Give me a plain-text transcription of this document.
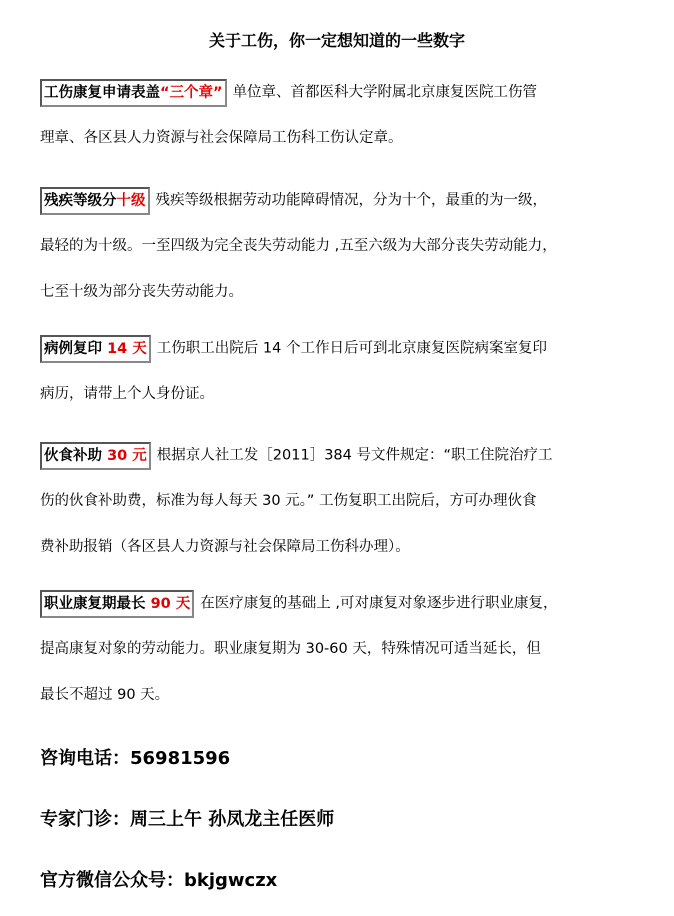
关于工伤，你一定想知道的一些数字
工伤康复申请表盖“三个章” 单位章、首都医科大学附属北京康复医院工伤管
理章、各区县人力资源与社会保障局工伤科工伤认定章。
残疾等级分十级 残疾等级根据劳动功能障碍情况，分为十个，最重的为一级，
最轻的为十级。一至四级为完全丧失劳动能力 ,五至六级为大部分丧失劳动能力，
七至十级为部分丧失劳动能力。
病例复印 14 天 工伤职工出院后 14 个工作日后可到北京康复医院病案室复印
病历，请带上个人身份证。
伙食补助 30 元 根据京人社工发［2011］384 号文件规定：“职工住院治疗工
伤的伙食补助费，标准为每人每天 30 元。” 工伤复职工出院后，方可办理伙食
费补助报销（各区县人力资源与社会保障局工伤科办理）。
职业康复期最长 90 天 在医疗康复的基础上 ,可对康复对象逐步进行职业康复，
提高康复对象的劳动能力。职业康复期为 30-60 天，特殊情况可适当延长，但
最长不超过 90 天。
咨询电话：56981596
专家门诊：周三上午 孙凤龙主任医师
官方微信公众号：bkjgwczx
